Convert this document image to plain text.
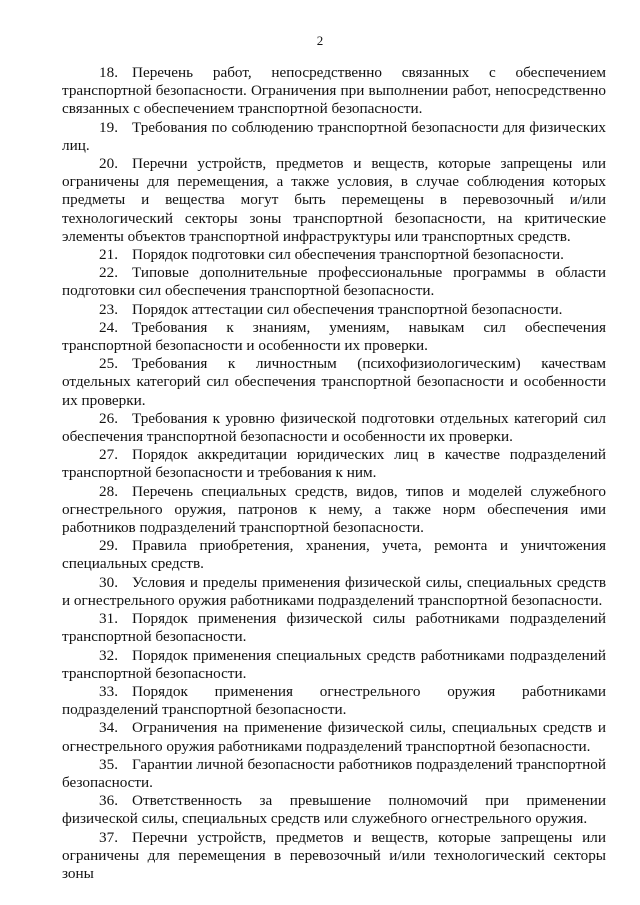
2

18. Перечень работ, непосредственно связанных с обеспечением транспортной безопасности. Ограничения при выполнении работ, непосредственно связанных с обеспечением транспортной безопасности.

19. Требования по соблюдению транспортной безопасности для физических лиц.

20. Перечни устройств, предметов и веществ, которые запрещены или ограничены для перемещения, а также условия, в случае соблюдения которых предметы и вещества могут быть перемещены в перевозочный и/или технологический секторы зоны транспортной безопасности, на критические элементы объектов транспортной инфраструктуры или транспортных средств.

21. Порядок подготовки сил обеспечения транспортной безопасности.

22. Типовые дополнительные профессиональные программы в области подготовки сил обеспечения транспортной безопасности.

23. Порядок аттестации сил обеспечения транспортной безопасности.

24. Требования к знаниям, умениям, навыкам сил обеспечения транспортной безопасности и особенности их проверки.

25. Требования к личностным (психофизиологическим) качествам отдельных категорий сил обеспечения транспортной безопасности и особенности их проверки.

26. Требования к уровню физической подготовки отдельных категорий сил обеспечения транспортной безопасности и особенности их проверки.

27. Порядок аккредитации юридических лиц в качестве подразделений транспортной безопасности и требования к ним.

28. Перечень специальных средств, видов, типов и моделей служебного огнестрельного оружия, патронов к нему, а также норм обеспечения ими работников подразделений транспортной безопасности.

29. Правила приобретения, хранения, учета, ремонта и уничтожения специальных средств.

30. Условия и пределы применения физической силы, специальных средств и огнестрельного оружия работниками подразделений транспортной безопасности.

31. Порядок применения физической силы работниками подразделений транспортной безопасности.

32. Порядок применения специальных средств работниками подразделений транспортной безопасности.

33. Порядок применения огнестрельного оружия работниками подразделений транспортной безопасности.

34. Ограничения на применение физической силы, специальных средств и огнестрельного оружия работниками подразделений транспортной безопасности.

35. Гарантии личной безопасности работников подразделений транспортной безопасности.

36. Ответственность за превышение полномочий при применении физической силы, специальных средств или служебного огнестрельного оружия.

37. Перечни устройств, предметов и веществ, которые запрещены или ограничены для перемещения в перевозочный и/или технологический секторы зоны
